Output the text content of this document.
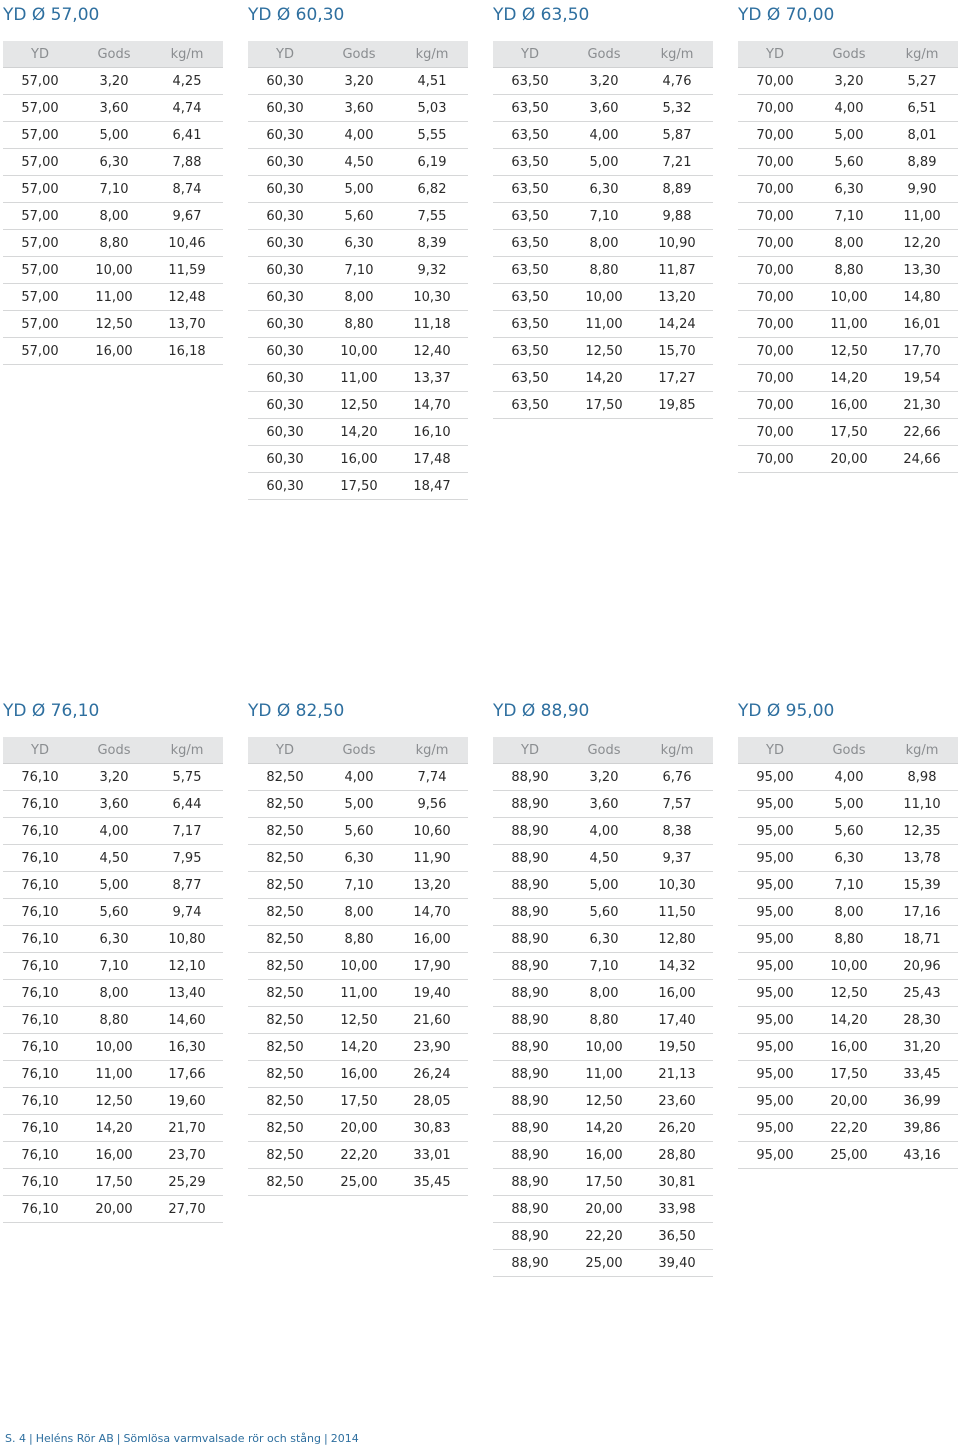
YD Ø 57,00
YD	Gods	kg/m
57,00	3,20	4,25
57,00	3,60	4,74
57,00	5,00	6,41
57,00	6,30	7,88
57,00	7,10	8,74
57,00	8,00	9,67
57,00	8,80	10,46
57,00	10,00	11,59
57,00	11,00	12,48
57,00	12,50	13,70
57,00	16,00	16,18
YD Ø 60,30
YD	Gods	kg/m
60,30	3,20	4,51
60,30	3,60	5,03
60,30	4,00	5,55
60,30	4,50	6,19
60,30	5,00	6,82
60,30	5,60	7,55
60,30	6,30	8,39
60,30	7,10	9,32
60,30	8,00	10,30
60,30	8,80	11,18
60,30	10,00	12,40
60,30	11,00	13,37
60,30	12,50	14,70
60,30	14,20	16,10
60,30	16,00	17,48
60,30	17,50	18,47
YD Ø 63,50
YD	Gods	kg/m
63,50	3,20	4,76
63,50	3,60	5,32
63,50	4,00	5,87
63,50	5,00	7,21
63,50	6,30	8,89
63,50	7,10	9,88
63,50	8,00	10,90
63,50	8,80	11,87
63,50	10,00	13,20
63,50	11,00	14,24
63,50	12,50	15,70
63,50	14,20	17,27
63,50	17,50	19,85
YD Ø 70,00
YD	Gods	kg/m
70,00	3,20	5,27
70,00	4,00	6,51
70,00	5,00	8,01
70,00	5,60	8,89
70,00	6,30	9,90
70,00	7,10	11,00
70,00	8,00	12,20
70,00	8,80	13,30
70,00	10,00	14,80
70,00	11,00	16,01
70,00	12,50	17,70
70,00	14,20	19,54
70,00	16,00	21,30
70,00	17,50	22,66
70,00	20,00	24,66
YD Ø 76,10
YD	Gods	kg/m
76,10	3,20	5,75
76,10	3,60	6,44
76,10	4,00	7,17
76,10	4,50	7,95
76,10	5,00	8,77
76,10	5,60	9,74
76,10	6,30	10,80
76,10	7,10	12,10
76,10	8,00	13,40
76,10	8,80	14,60
76,10	10,00	16,30
76,10	11,00	17,66
76,10	12,50	19,60
76,10	14,20	21,70
76,10	16,00	23,70
76,10	17,50	25,29
76,10	20,00	27,70
YD Ø 82,50
YD	Gods	kg/m
82,50	4,00	7,74
82,50	5,00	9,56
82,50	5,60	10,60
82,50	6,30	11,90
82,50	7,10	13,20
82,50	8,00	14,70
82,50	8,80	16,00
82,50	10,00	17,90
82,50	11,00	19,40
82,50	12,50	21,60
82,50	14,20	23,90
82,50	16,00	26,24
82,50	17,50	28,05
82,50	20,00	30,83
82,50	22,20	33,01
82,50	25,00	35,45
YD Ø 88,90
YD	Gods	kg/m
88,90	3,20	6,76
88,90	3,60	7,57
88,90	4,00	8,38
88,90	4,50	9,37
88,90	5,00	10,30
88,90	5,60	11,50
88,90	6,30	12,80
88,90	7,10	14,32
88,90	8,00	16,00
88,90	8,80	17,40
88,90	10,00	19,50
88,90	11,00	21,13
88,90	12,50	23,60
88,90	14,20	26,20
88,90	16,00	28,80
88,90	17,50	30,81
88,90	20,00	33,98
88,90	22,20	36,50
88,90	25,00	39,40
YD Ø 95,00
YD	Gods	kg/m
95,00	4,00	8,98
95,00	5,00	11,10
95,00	5,60	12,35
95,00	6,30	13,78
95,00	7,10	15,39
95,00	8,00	17,16
95,00	8,80	18,71
95,00	10,00	20,96
95,00	12,50	25,43
95,00	14,20	28,30
95,00	16,00	31,20
95,00	17,50	33,45
95,00	20,00	36,99
95,00	22,20	39,86
95,00	25,00	43,16
S. 4 | Heléns Rör AB | Sömlösa varmvalsade rör och stång | 2014
